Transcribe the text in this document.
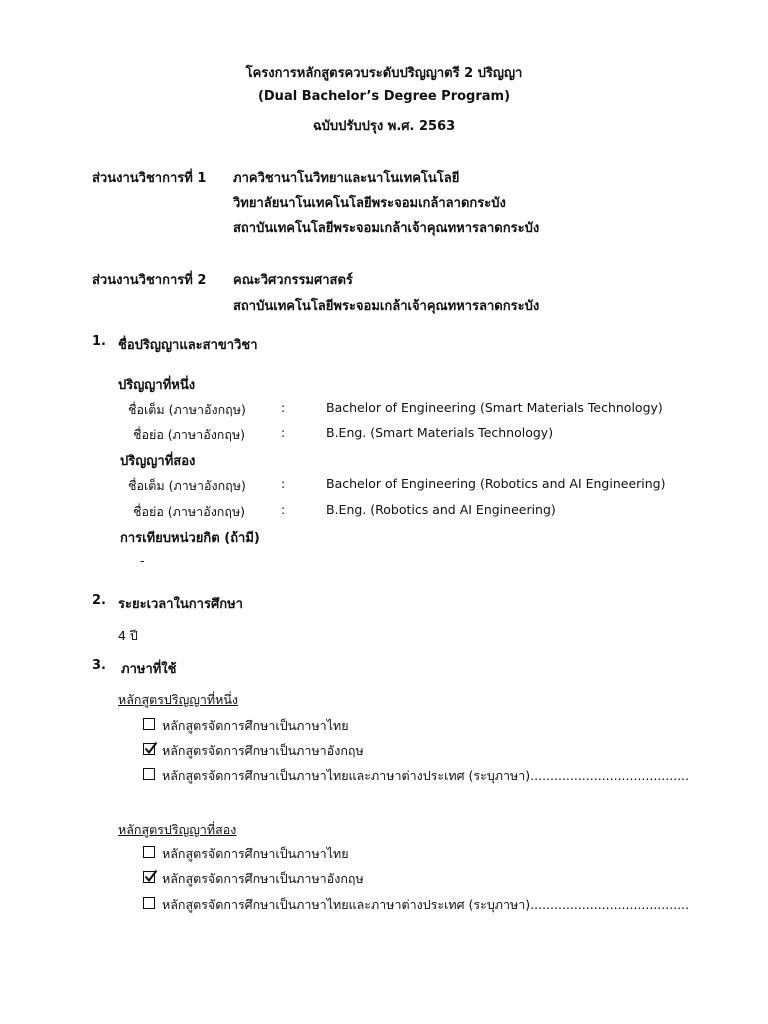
โครงการหลักสูตรควบระดับปริญญาตรี 2 ปริญญา
(Dual Bachelor’s Degree Program)
ฉบับปรับปรุง พ.ศ. 2563
ส่วนงานวิชาการที่ 1 ภาควิชานาโนวิทยาและนาโนเทคโนโลยี
วิทยาลัยนาโนเทคโนโลยีพระจอมเกล้าลาดกระบัง
สถาบันเทคโนโลยีพระจอมเกล้าเจ้าคุณทหารลาดกระบัง
ส่วนงานวิชาการที่ 2 คณะวิศวกรรมศาสตร์
สถาบันเทคโนโลยีพระจอมเกล้าเจ้าคุณทหารลาดกระบัง
1. ชื่อปริญญาและสาขาวิชา
ปริญญาที่หนึ่ง
ชื่อเต็ม (ภาษาอังกฤษ)	:	Bachelor of Engineering (Smart Materials Technology)
ชื่อย่อ (ภาษาอังกฤษ)	:	B.Eng. (Smart Materials Technology)
ปริญญาที่สอง
ชื่อเต็ม (ภาษาอังกฤษ)	:	Bachelor of Engineering (Robotics and AI Engineering)
ชื่อย่อ (ภาษาอังกฤษ)	:	B.Eng. (Robotics and AI Engineering)
การเทียบหน่วยกิต (ถ้ามี)
-
2. ระยะเวลาในการศึกษา
4 ปี
3. ภาษาที่ใช้
หลักสูตรปริญญาที่หนึ่ง
หลักสูตรจัดการศึกษาเป็นภาษาไทย
หลักสูตรจัดการศึกษาเป็นภาษาอังกฤษ
หลักสูตรจัดการศึกษาเป็นภาษาไทยและภาษาต่างประเทศ (ระบุภาษา)........................................
หลักสูตรปริญญาที่สอง
หลักสูตรจัดการศึกษาเป็นภาษาไทย
หลักสูตรจัดการศึกษาเป็นภาษาอังกฤษ
หลักสูตรจัดการศึกษาเป็นภาษาไทยและภาษาต่างประเทศ (ระบุภาษา)........................................
